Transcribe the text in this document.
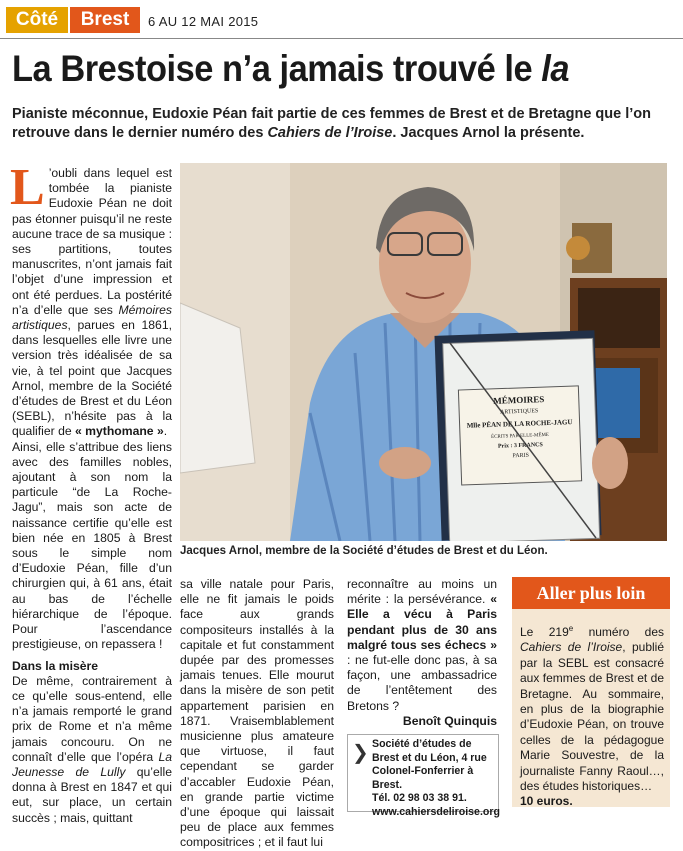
Côté	Brest	6 AU 12 MAI 2015
La Brestoise n’a jamais trouvé le la
Pianiste méconnue, Eudoxie Péan fait partie de ces femmes de Brest et de Bretagne que l’on retrouve dans le dernier numéro des Cahiers de l’Iroise. Jacques Arnol la présente.
MÉMOIRES
ARTISTIQUES
Mlle PÉAN DE LA ROCHE-JAGU
ÉCRITS PAR ELLE-MÊME
Prix : 3 FRANCS
PARIS
Jacques Arnol, membre de la Société d’études de Brest et du Léon.

L ’oubli dans lequel est tombée la pianiste Eudoxie Péan ne doit pas étonner puisqu’il ne reste aucune trace de sa musique : ses partitions, toutes manuscrites, n’ont jamais fait l’objet d’une impression et ont été perdues. La postérité n’a d’elle que ses Mémoires artistiques, parues en 1861, dans lesquelles elle livre une version très idéalisée de sa vie, à tel point que Jacques Arnol, membre de la Société d’études de Brest et du Léon (SEBL), n’hésite pas à la qualifier de « mythomane ».

Ainsi, elle s’attribue des liens avec des familles nobles, ajoutant à son nom la particule “de La Roche-Jagu”, mais son acte de naissance certifie qu’elle est bien née en 1805 à Brest sous le simple nom d’Eudoxie Péan, fille d’un chirurgien qui, à 61 ans, était au bas de l’échelle hiérarchique de l’époque. Pour l’ascendance prestigieuse, on repassera !

Dans la misère

De même, contrairement à ce qu’elle sous-entend, elle n’a jamais remporté le grand prix de Rome et n’a même jamais concouru. On ne connaît d’elle que l’opéra La Jeunesse de Lully qu’elle donna à Brest en 1847 et qui eut, sur place, un certain succès ; mais, quittant

sa ville natale pour Paris, elle ne fit jamais le poids face aux grands compositeurs installés à la capitale et fut constamment dupée par des promesses jamais tenues. Elle mourut dans la misère de son petit appartement parisien en 1871. Vraisemblablement musicienne plus amateure que virtuose, il faut cependant se garder d’accabler Eudoxie Péan, en grande partie victime d’une époque qui laissait peu de place aux femmes compositrices ; et il faut lui

reconnaître au moins un mérite : la persévérance. « Elle a vécu à Paris pendant plus de 30 ans malgré tous ses échecs » : ne fut-elle donc pas, à sa façon, une ambassadrice de l’entêtement des Bretons ?

Benoît Quinquis

❯ Société d’études de Brest et du Léon, 4 rue Colonel-Fonferrier à Brest.
Tél. 02 98 03 38 91.
www.cahiersdeliroise.org
Aller plus loin

Le 219e numéro des Cahiers de l’Iroise, publié par la SEBL est consacré aux femmes de Brest et de Bretagne. Au sommaire, en plus de la biographie d’Eudoxie Péan, on trouve celles de la pédagogue Marie Souvestre, de la journaliste Fanny Raoul…, des études historiques…

10 euros.
